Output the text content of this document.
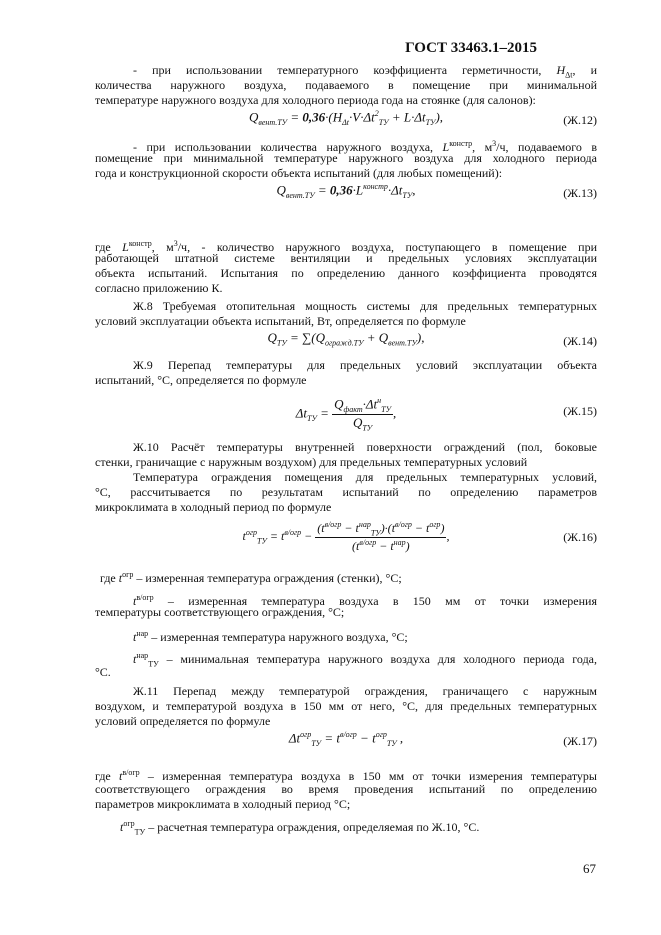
ГОСТ 33463.1–2015
- при использовании температурного коэффициента герметичности, $H_{\Delta t}$, и
количества наружного воздуха, подаваемого в помещение при минимальной
температуре наружного воздуха для холодного периода года на стоянке (для салонов):
$Q_{вент.ТУ} = 0,36\cdot(H_{\Delta t}\cdot V\cdot\Delta t^2_{ТУ} + L\cdot\Delta t_{ТУ})$,	(Ж.12)
- при использовании количества наружного воздуха, $L^{констр}$, $м^3/ч$, подаваемого в
помещение при минимальной температуре наружного воздуха для холодного периода
года и конструкционной скорости объекта испытаний (для любых помещений):
$Q_{вент.ТУ} = 0,36\cdot L^{констр}\cdot\Delta t_{ТУ}$,	(Ж.13)
где $L^{констр}$, $м^3/ч$, - количество наружного воздуха, поступающего в помещение при
работающей штатной системе вентиляции и предельных условиях эксплуатации
объекта испытаний. Испытания по определению данного коэффициента проводятся
согласно приложению К.
Ж.8 Требуемая отопительная мощность системы для предельных температурных
условий эксплуатации объекта испытаний, Вт, определяется по формуле
$Q_{ТУ} = \sum(Q_{огражд.ТУ} + Q_{вент.ТУ})$,	(Ж.14)
Ж.9 Перепад температуры для предельных условий эксплуатации объекта
испытаний, °С, определяется по формуле
$\Delta t_{ТУ}$ =
$Q_{факт}\cdot\Delta t^н_{ТУ}$
$Q_{ТУ}$
,	(Ж.15)
Ж.10 Расчёт температуры внутренней поверхности ограждений (пол, боковые
стенки, граничащие с наружным воздухом) для предельных температурных условий
Температура ограждения помещения для предельных температурных условий,
°С, рассчитывается по результатам испытаний по определению параметров
микроклимата в холодный период по формуле
$t^{огр}_{ТУ} = t^{в/огр}$ −
$(t^{в/огр} - t^{нар}_{ТУ})\cdot(t^{в/огр} - t^{огр})$
$(t^{в/огр} - t^{нар})$
,	(Ж.16)
где $t^{огр}$ – измеренная температура ограждения (стенки), °С;
$t^{в/огр}$ – измеренная температура воздуха в 150 мм от точки измерения
температуры соответствующего ограждения, °С;
$t^{нар}$ – измеренная температура наружного воздуха, °С;
$t^{нар}_{ТУ}$ – минимальная температура наружного воздуха для холодного периода года,
°С.
Ж.11 Перепад между температурой ограждения, граничащего с наружным
воздухом, и температурой воздуха в 150 мм от него, °С, для предельных температурных
условий определяется по формуле
$\Delta t^{огр}_{ТУ} = t^{в/огр} - t^{огр}_{ТУ}$ ,	(Ж.17)
где $t^{в/огр}$ – измеренная температура воздуха в 150 мм от точки измерения температуры
соответствующего ограждения во время проведения испытаний по определению
параметров микроклимата в холодный период °С;
$t^{огр}_{ТУ}$ – расчетная температура ограждения, определяемая по Ж.10, °С.
67
